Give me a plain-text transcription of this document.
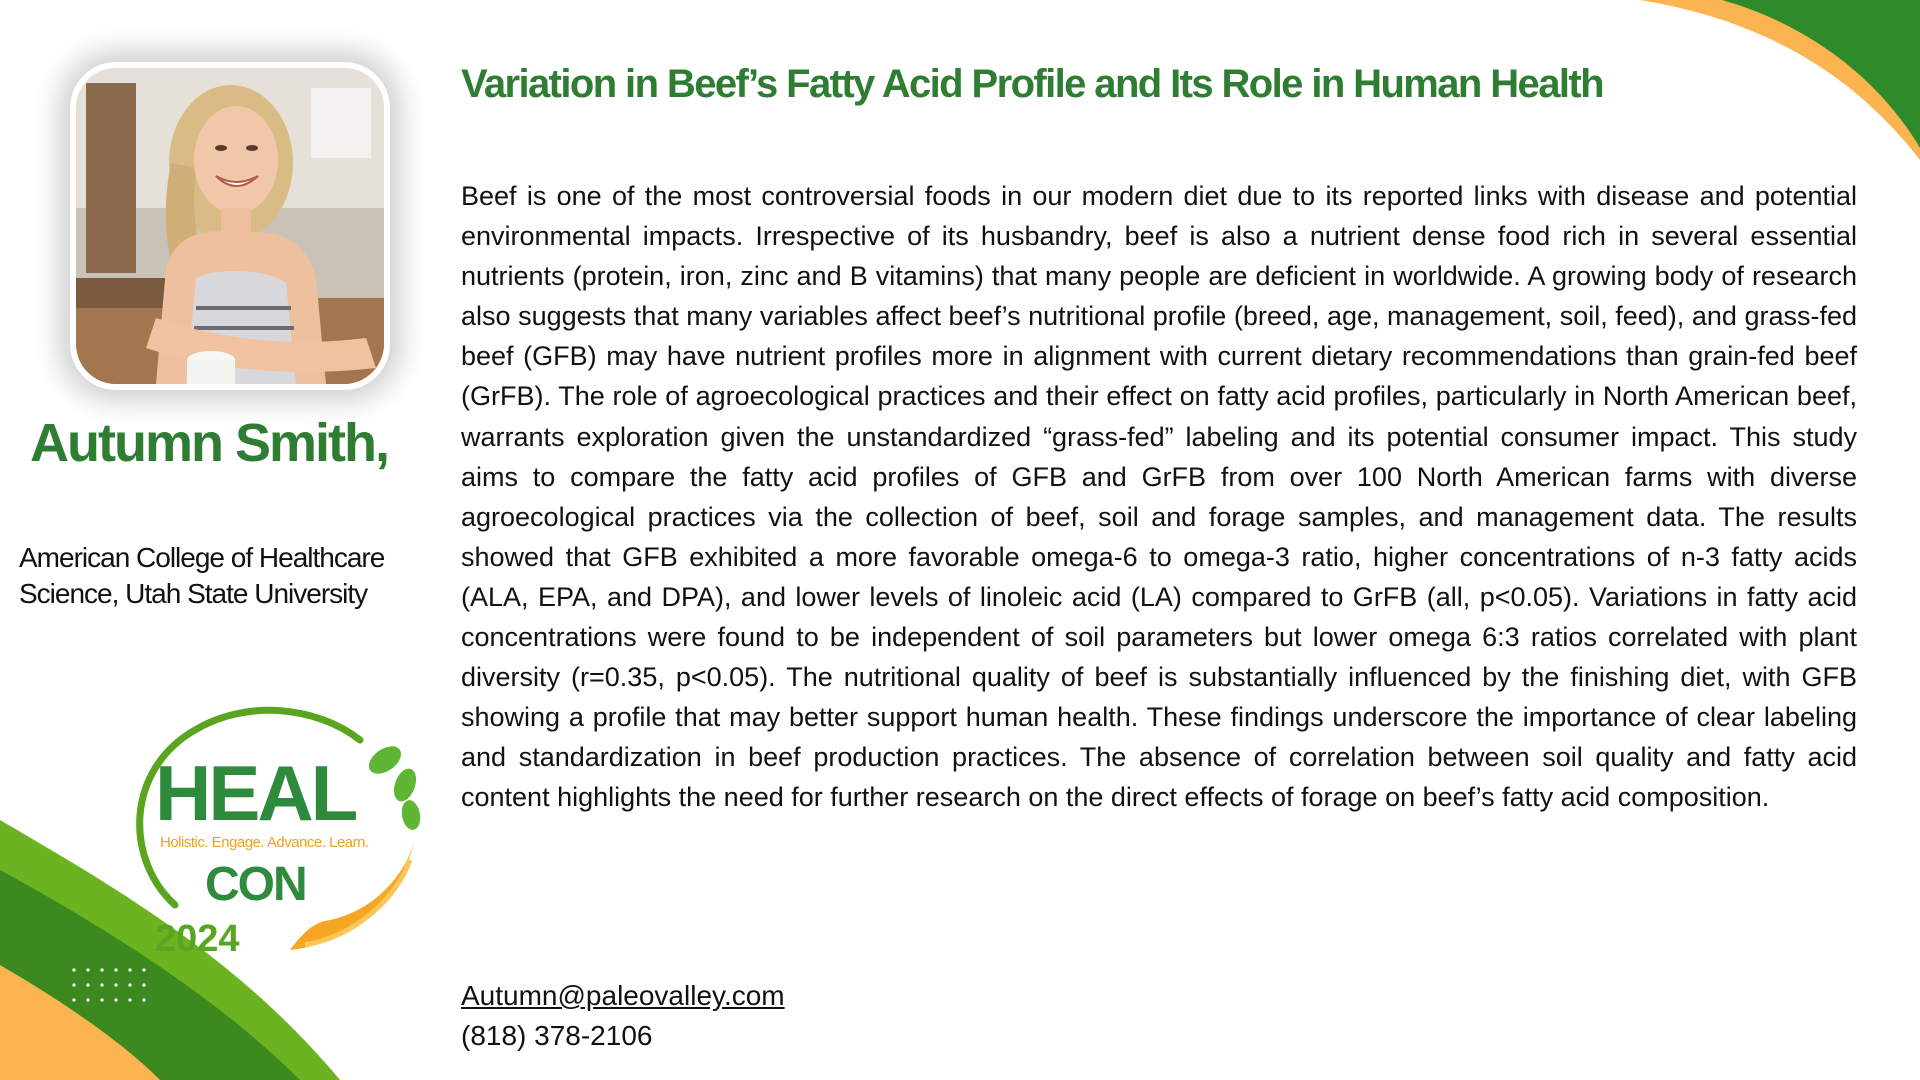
Autumn Smith,
American College of Healthcare Science, Utah State University
Variation in Beef’s Fatty Acid Profile and Its Role in Human Health

Beef is one of the most controversial foods in our modern diet due to its reported links with disease and potential environmental impacts. Irrespective of its husbandry, beef is also a nutrient dense food rich in several essential nutrients (protein, iron, zinc and B vitamins) that many people are deficient in worldwide. A growing body of research also suggests that many variables affect beef’s nutritional profile (breed, age, management, soil, feed), and grass-fed beef (GFB) may have nutrient profiles more in alignment with current dietary recommendations than grain-fed beef (GrFB). The role of agroecological practices and their effect on fatty acid profiles, particularly in North American beef, warrants exploration given the unstandardized “grass-fed” labeling and its potential consumer impact. This study aims to compare the fatty acid profiles of GFB and GrFB from over 100 North American farms with diverse agroecological practices via the collection of beef, soil and forage samples, and management data. The results showed that GFB exhibited a more favorable omega-6 to omega-3 ratio, higher concentrations of n-3 fatty acids (ALA, EPA, and DPA), and lower levels of linoleic acid (LA) compared to GrFB (all, p<0.05). Variations in fatty acid concentrations were found to be independent of soil parameters but lower omega 6:3 ratios correlated with plant diversity (r=0.35, p<0.05). The nutritional quality of beef is substantially influenced by the finishing diet, with GFB showing a profile that may better support human health. These findings underscore the importance of clear labeling and standardization in beef production practices. The absence of correlation between soil quality and fatty acid content highlights the need for further research on the direct effects of forage on beef’s fatty acid composition.

Autumn@paleovalley.com
(818) 378-2106
HEAL
Holistic. Engage. Advance. Learn.
CON
2024
